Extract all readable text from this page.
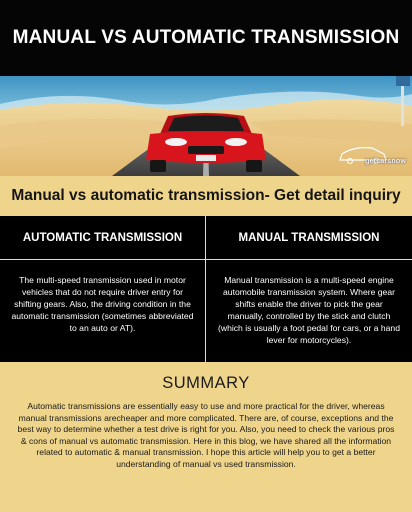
MANUAL VS AUTOMATIC TRANSMISSION
getcarsnow
Manual vs automatic transmission- Get detail inquiry
AUTOMATIC TRANSMISSION
The multi-speed transmission used in motor vehicles that do not require driver entry for shifting gears. Also, the driving condition in the automatic transmission (sometimes abbreviated to an auto or AT).
MANUAL TRANSMISSION
Manual transmission is a multi-speed engine automobile transmission system. Where gear shifts enable the driver to pick the gear manually, controlled by the stick and clutch (which is usually a foot pedal for cars, or a hand lever for motorcycles).
SUMMARY

Automatic transmissions are essentially easy to use and more practical for the driver, whereas manual transmissions arecheaper and more complicated. There are, of course, exceptions and the best way to determine whether a test drive is right for you. Also, you need to check the various pros & cons of manual vs automatic transmission. Here in this blog, we have shared all the information related to automatic & manual transmission. I hope this article will help you to get a better understanding of manual vs used transmission.
